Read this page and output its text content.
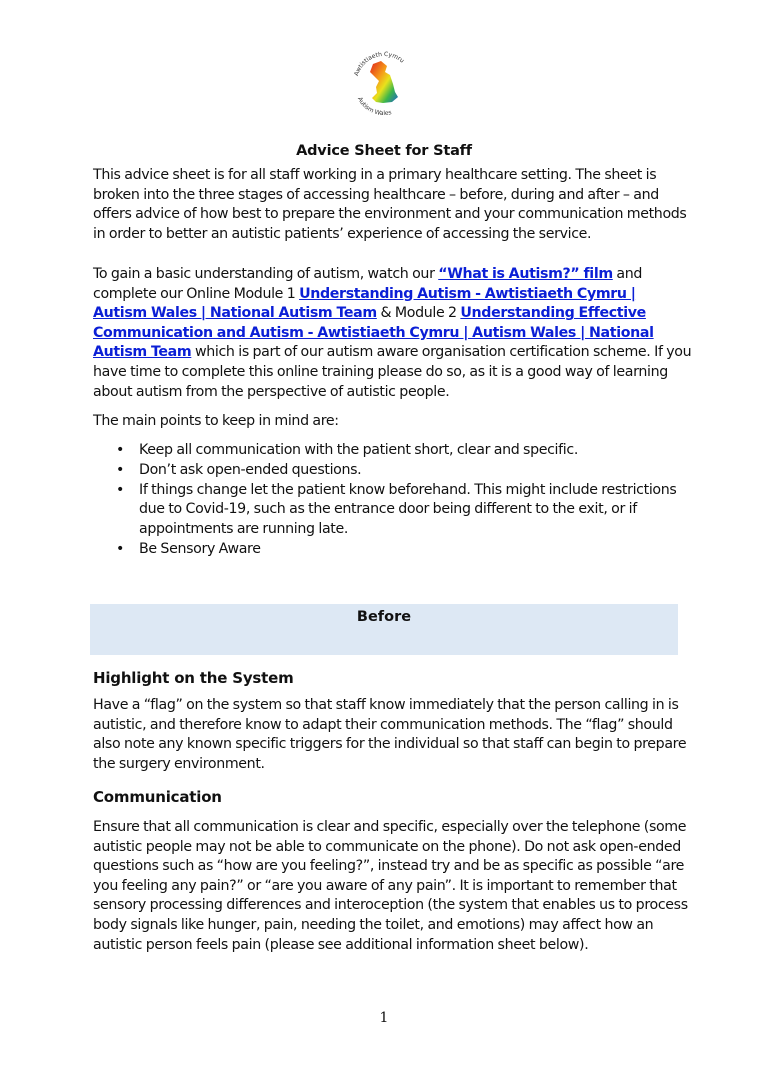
Awtistiaeth Cymru
Autism Wales
Advice Sheet for Staff

This advice sheet is for all staff working in a primary healthcare setting. The sheet is broken into the three stages of accessing healthcare – before, during and after – and offers advice of how best to prepare the environment and your communication methods in order to better an autistic patients’ experience of accessing the service.

To gain a basic understanding of autism, watch our “What is Autism?” film and complete our Online Module 1 Understanding Autism - Awtistiaeth Cymru | Autism Wales | National Autism Team & Module 2 Understanding Effective Communication and Autism - Awtistiaeth Cymru | Autism Wales | National Autism Team which is part of our autism aware organisation certification scheme. If you have time to complete this online training please do so, as it is a good way of learning about autism from the perspective of autistic people.

The main points to keep in mind are:

• Keep all communication with the patient short, clear and specific.
• Don’t ask open-ended questions.
• If things change let the patient know beforehand. This might include restrictions due to Covid-19, such as the entrance door being different to the exit, or if appointments are running late.
• Be Sensory Aware
Before
Highlight on the System

Have a “flag” on the system so that staff know immediately that the person calling in is autistic, and therefore know to adapt their communication methods. The “flag” should also note any known specific triggers for the individual so that staff can begin to prepare the surgery environment.

Communication

Ensure that all communication is clear and specific, especially over the telephone (some autistic people may not be able to communicate on the phone). Do not ask open-ended questions such as “how are you feeling?”, instead try and be as specific as possible “are you feeling any pain?” or “are you aware of any pain”. It is important to remember that sensory processing differences and interoception (the system that enables us to process body signals like hunger, pain, needing the toilet, and emotions) may affect how an autistic person feels pain (please see additional information sheet below).

1
